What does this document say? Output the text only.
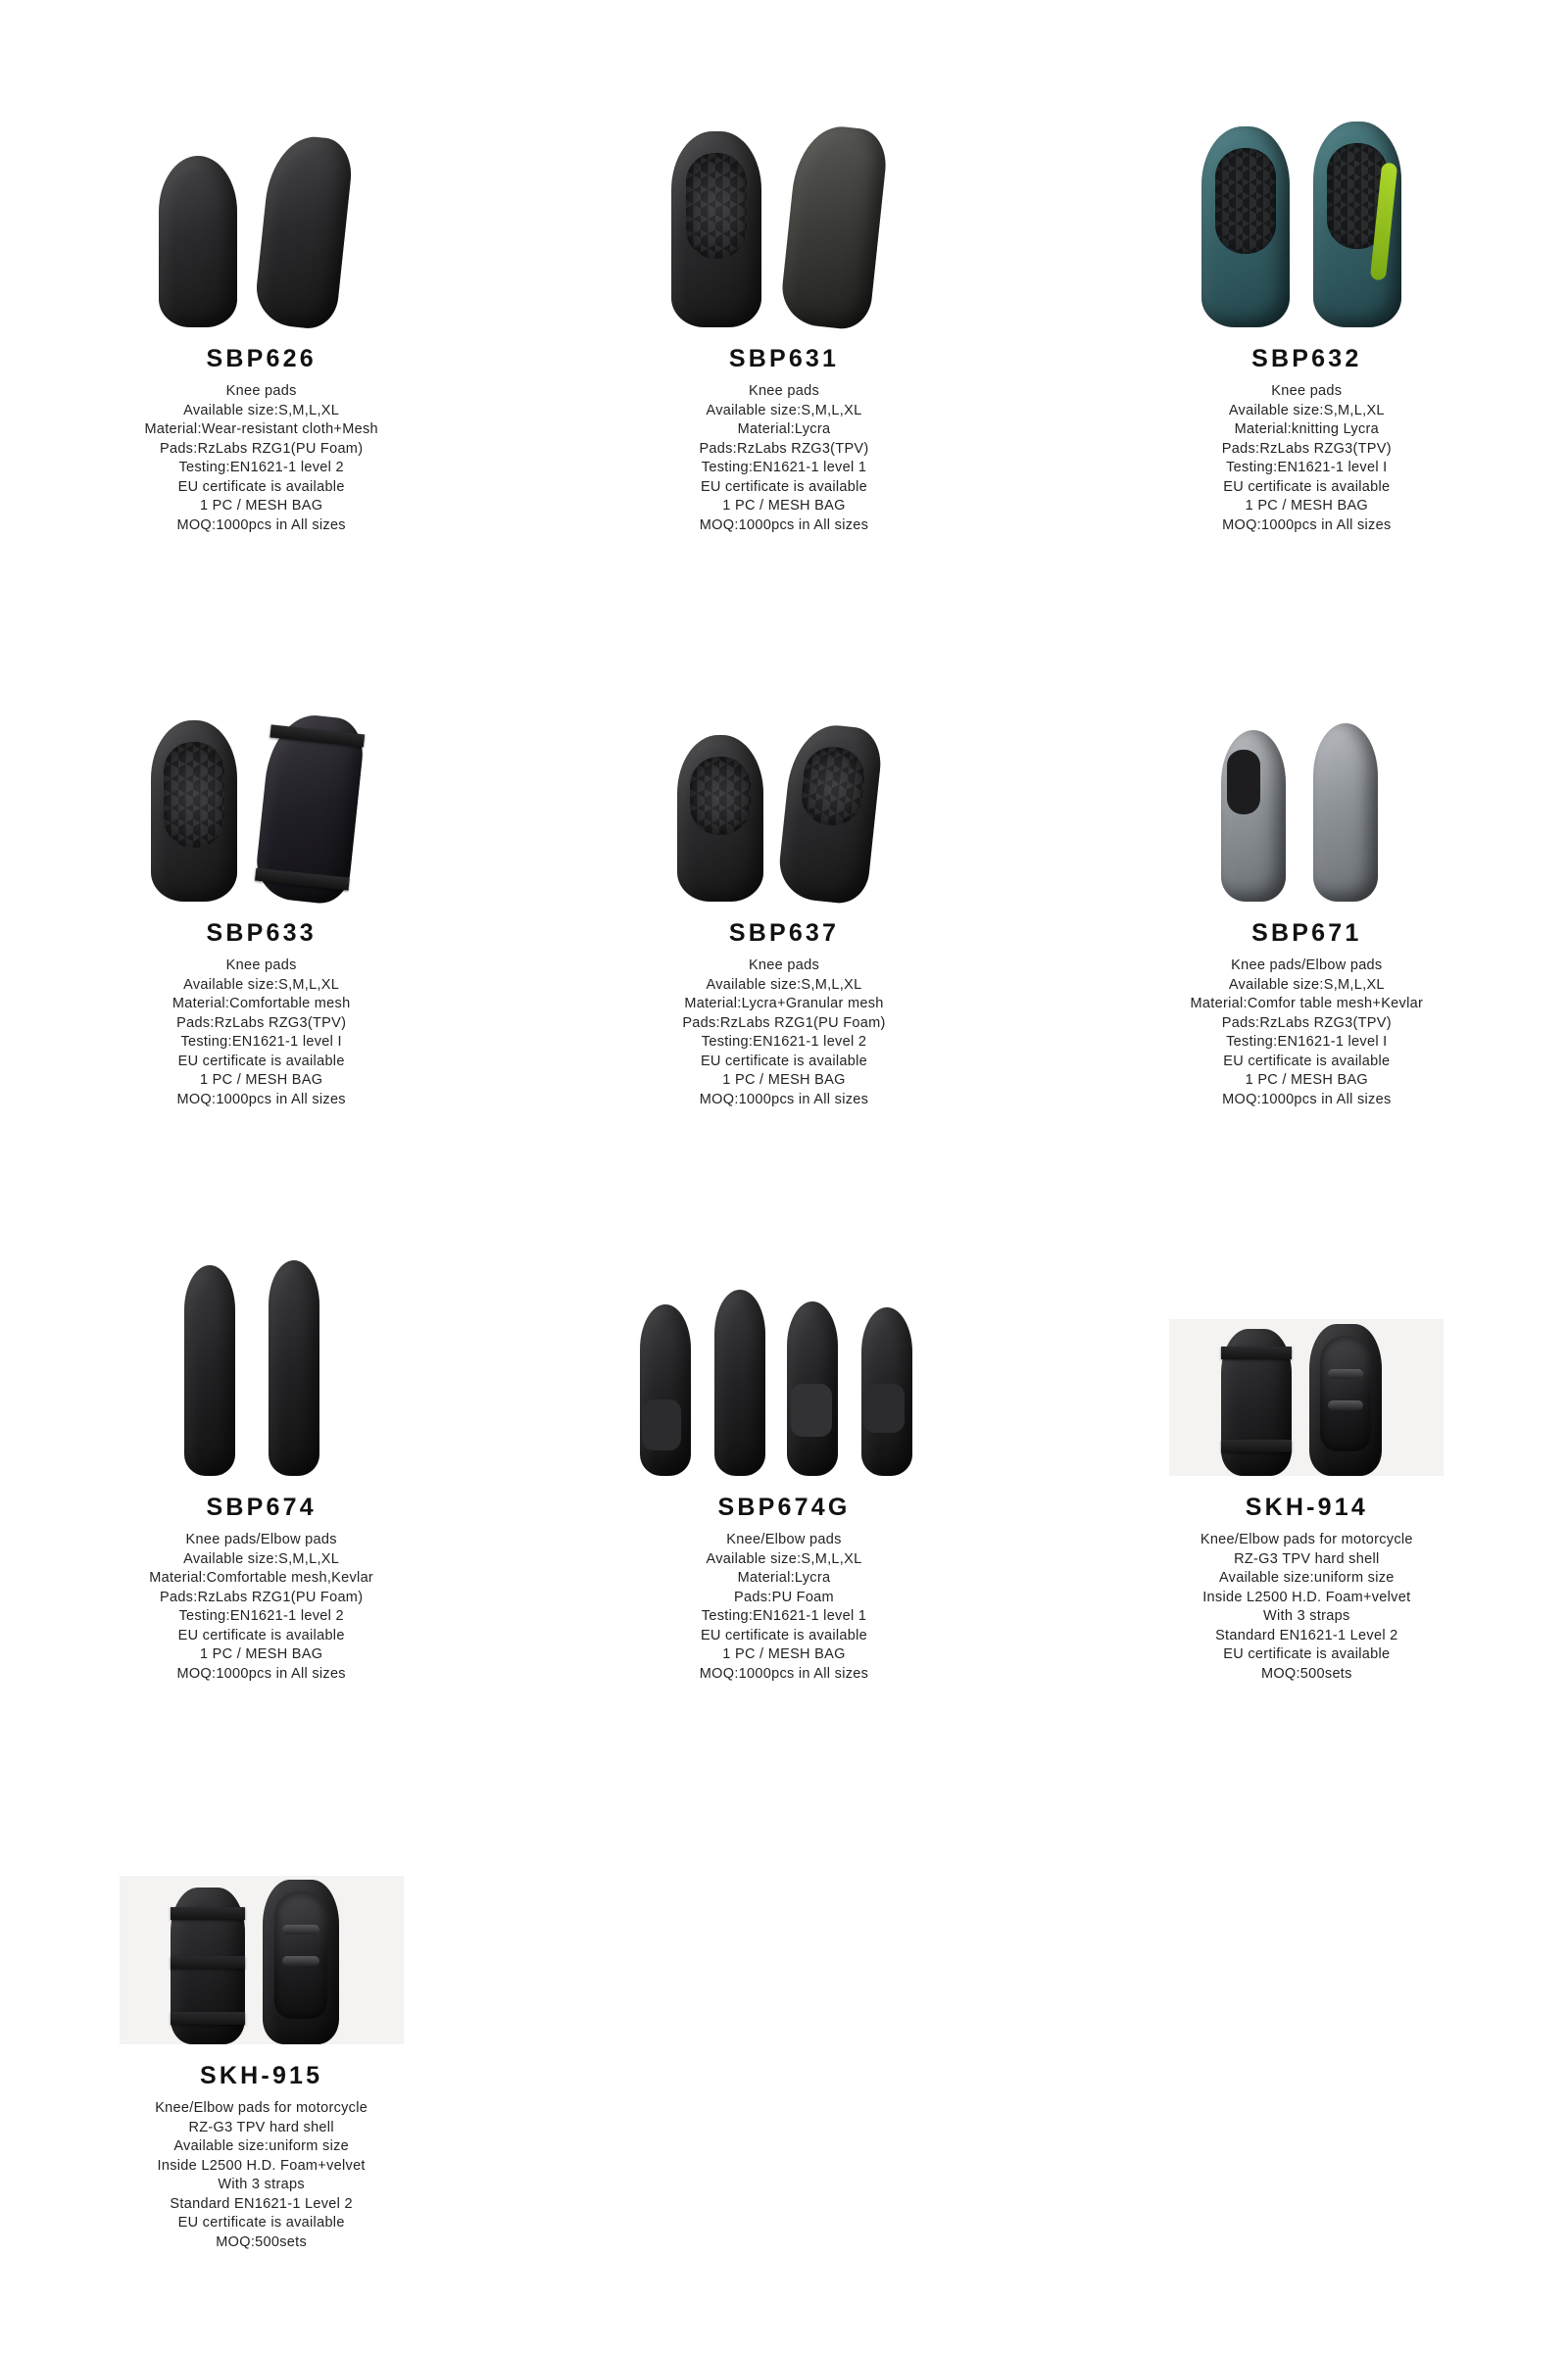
SBP626
Knee pads
Available size:S,M,L,XL
Material:Wear-resistant cloth+Mesh
Pads:RzLabs RZG1(PU Foam)
Testing:EN1621-1 level 2
EU certificate is available
1 PC / MESH BAG
MOQ:1000pcs in All sizes
SBP631
Knee pads
Available size:S,M,L,XL
Material:Lycra
Pads:RzLabs RZG3(TPV)
Testing:EN1621-1 level 1
EU certificate is available
1 PC / MESH BAG
MOQ:1000pcs in All sizes
SBP632
Knee pads
Available size:S,M,L,XL
Material:knitting Lycra
Pads:RzLabs RZG3(TPV)
Testing:EN1621-1 level I
EU certificate is available
1 PC / MESH BAG
MOQ:1000pcs in All sizes
SBP633
Knee pads
Available size:S,M,L,XL
Material:Comfortable mesh
Pads:RzLabs RZG3(TPV)
Testing:EN1621-1 level I
EU certificate is available
1 PC / MESH BAG
MOQ:1000pcs in All sizes
SBP637
Knee pads
Available size:S,M,L,XL
Material:Lycra+Granular mesh
Pads:RzLabs RZG1(PU Foam)
Testing:EN1621-1 level 2
EU certificate is available
1 PC / MESH BAG
MOQ:1000pcs in All sizes
SBP671
Knee pads/Elbow pads
Available size:S,M,L,XL
Material:Comfor table mesh+Kevlar
Pads:RzLabs RZG3(TPV)
Testing:EN1621-1 level I
EU certificate is available
1 PC / MESH BAG
MOQ:1000pcs in All sizes
SBP674
Knee pads/Elbow pads
Available size:S,M,L,XL
Material:Comfortable mesh,Kevlar
Pads:RzLabs RZG1(PU Foam)
Testing:EN1621-1 level 2
EU certificate is available
1 PC / MESH BAG
MOQ:1000pcs in All sizes
SBP674G
Knee/Elbow pads
Available size:S,M,L,XL
Material:Lycra
Pads:PU Foam
Testing:EN1621-1 level 1
EU certificate is available
1 PC / MESH BAG
MOQ:1000pcs in All sizes
SKH-914
Knee/Elbow pads for motorcycle
RZ-G3 TPV hard shell
Available size:uniform size
Inside L2500 H.D. Foam+velvet
With 3 straps
Standard EN1621-1 Level 2
EU certificate is available
MOQ:500sets
SKH-915
Knee/Elbow pads for motorcycle
RZ-G3 TPV hard shell
Available size:uniform size
Inside L2500 H.D. Foam+velvet
With 3 straps
Standard EN1621-1 Level 2
EU certificate is available
MOQ:500sets
